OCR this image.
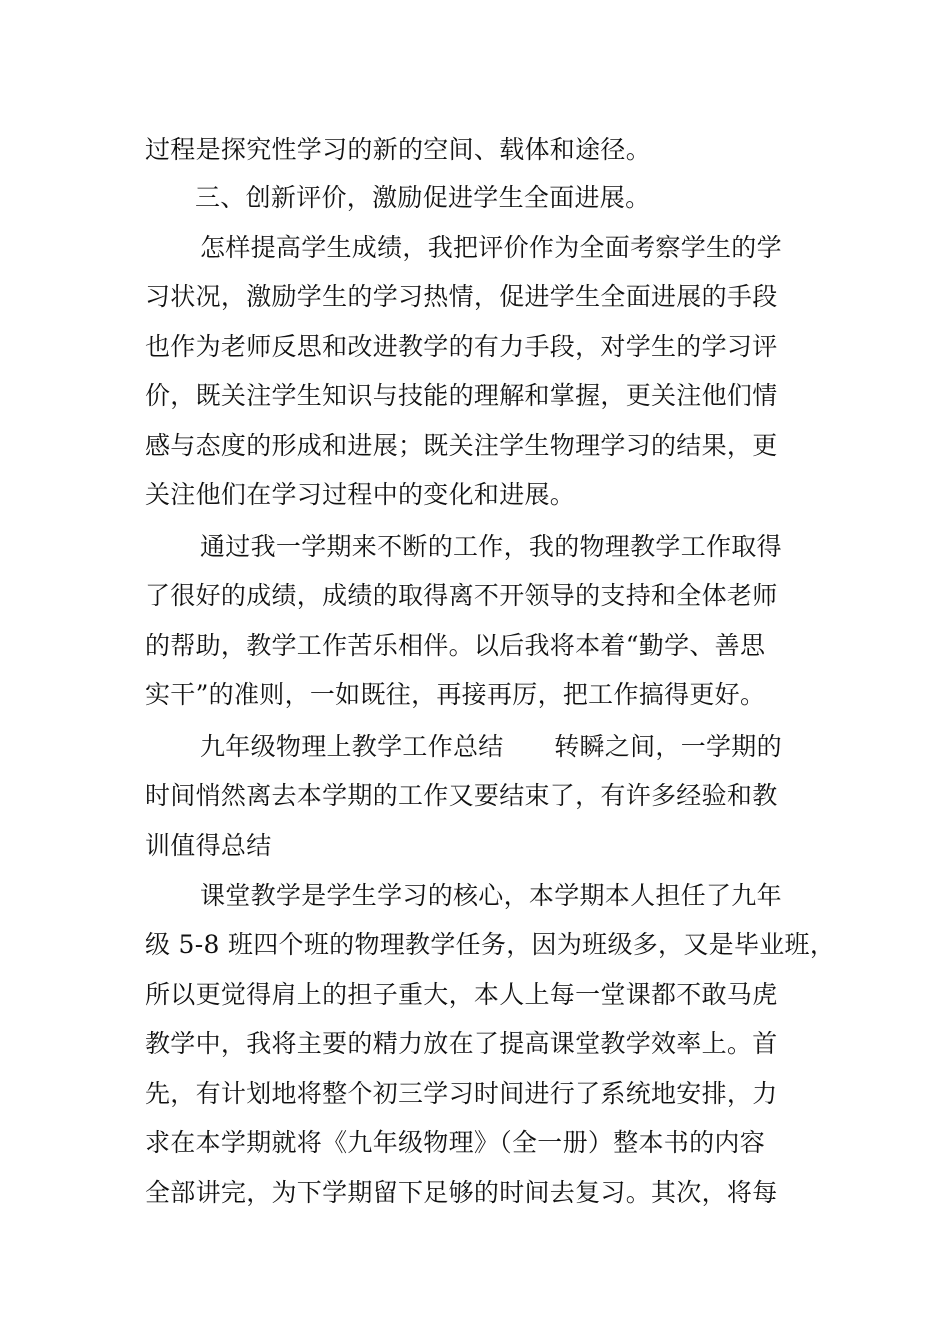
过程是探究性学习的新的空间、载体和途径。
三、创新评价，激励促进学生全面进展。
怎样提高学生成绩，我把评价作为全面考察学生的学
习状况，激励学生的学习热情，促进学生全面进展的手段
也作为老师反思和改进教学的有力手段，对学生的学习评
价，既关注学生知识与技能的理解和掌握，更关注他们情
感与态度的形成和进展；既关注学生物理学习的结果，更
关注他们在学习过程中的变化和进展。
通过我一学期来不断的工作，我的物理教学工作取得
了很好的成绩，成绩的取得离不开领导的支持和全体老师
的帮助，教学工作苦乐相伴。以后我将本着“勤学、善思
实干”的准则，一如既往，再接再厉，把工作搞得更好。
九年级物理上教学工作总结　　转瞬之间，一学期的
时间悄然离去本学期的工作又要结束了，有许多经验和教
训值得总结
课堂教学是学生学习的核心，本学期本人担任了九年
级 5-8 班四个班的物理教学任务，因为班级多，又是毕业班，
所以更觉得肩上的担子重大，本人上每一堂课都不敢马虎
教学中，我将主要的精力放在了提高课堂教学效率上。首
先，有计划地将整个初三学习时间进行了系统地安排，力
求在本学期就将《九年级物理》（全一册）整本书的内容
全部讲完，为下学期留下足够的时间去复习。其次，将每
